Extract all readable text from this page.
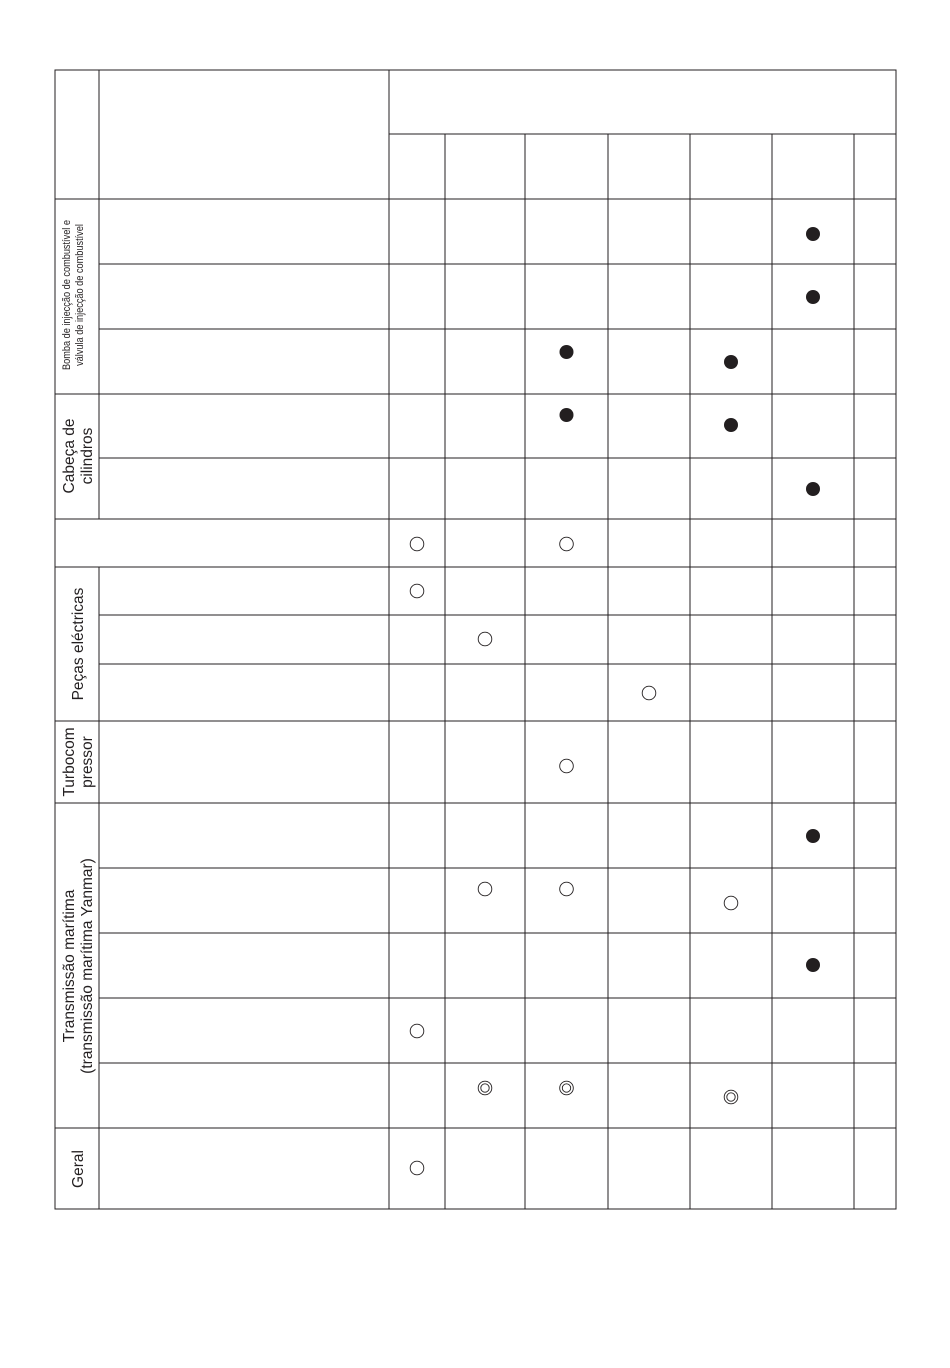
Bomba de injecção de combustível e válvula de injecção de combustível
Cabeça de cilindros
Peças eléctricas
Turbocom pressor
Transmissão marítima (transmissão marítima Yanmar)
Geral
